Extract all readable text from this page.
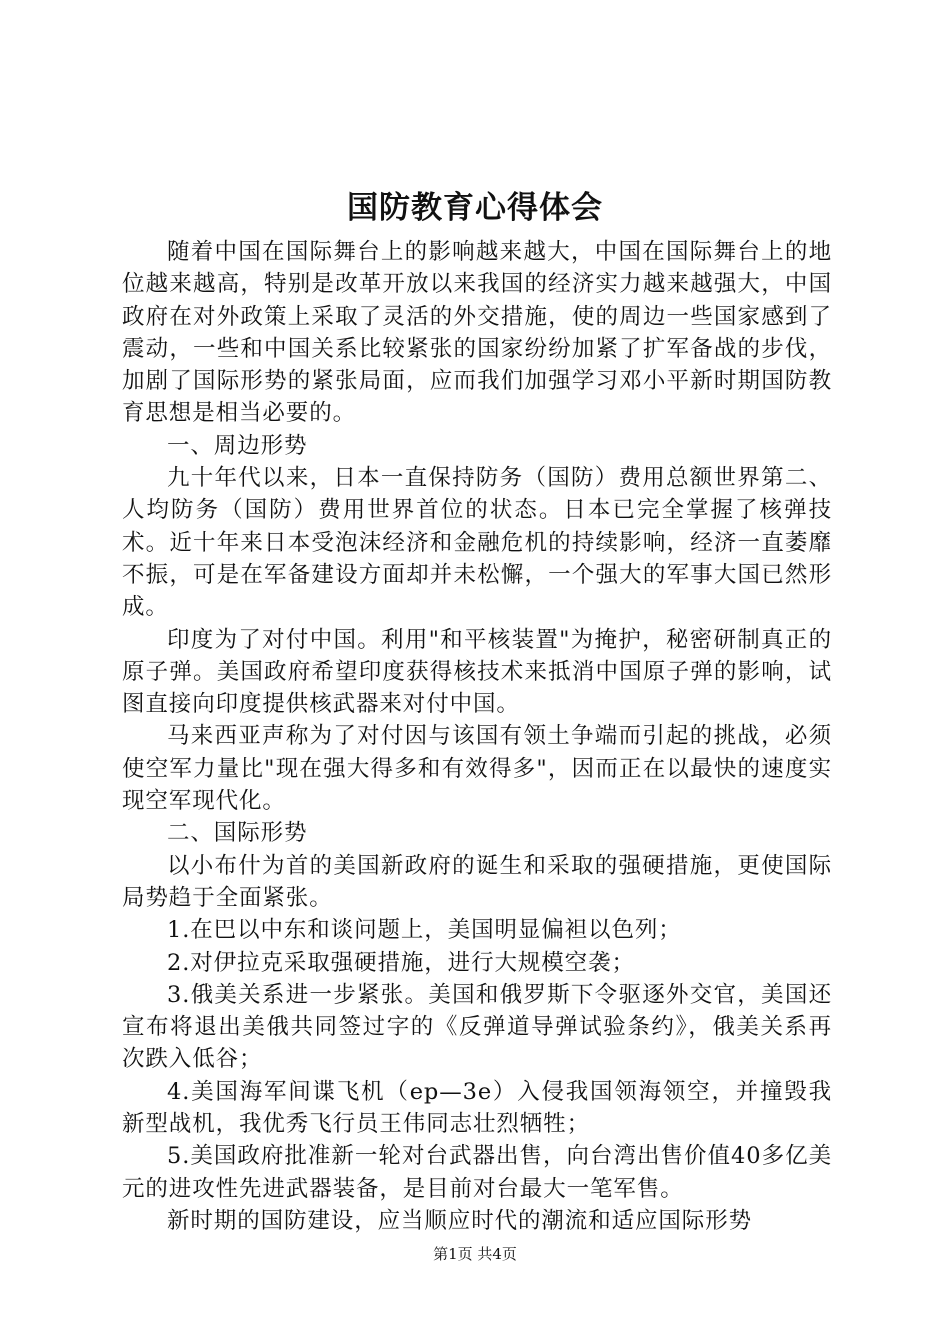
国防教育心得体会

随着中国在国际舞台上的影响越来越大，中国在国际舞台上的地位越来越高，特别是改革开放以来我国的经济实力越来越强大，中国政府在对外政策上采取了灵活的外交措施，使的周边一些国家感到了震动，一些和中国关系比较紧张的国家纷纷加紧了扩军备战的步伐，加剧了国际形势的紧张局面，应而我们加强学习邓小平新时期国防教育思想是相当必要的。

一、周边形势

九十年代以来，日本一直保持防务（国防）费用总额世界第二、人均防务（国防）费用世界首位的状态。日本已完全掌握了核弹技术。近十年来日本受泡沫经济和金融危机的持续影响，经济一直萎靡不振，可是在军备建设方面却并未松懈，一个强大的军事大国已然形成。

印度为了对付中国。利用"和平核装置"为掩护，秘密研制真正的原子弹。美国政府希望印度获得核技术来抵消中国原子弹的影响，试图直接向印度提供核武器来对付中国。

马来西亚声称为了对付因与该国有领土争端而引起的挑战，必须使空军力量比"现在强大得多和有效得多"，因而正在以最快的速度实现空军现代化。

二、国际形势

以小布什为首的美国新政府的诞生和采取的强硬措施，更使国际局势趋于全面紧张。

1.在巴以中东和谈问题上，美国明显偏袒以色列；

2.对伊拉克采取强硬措施，进行大规模空袭；

3.俄美关系进一步紧张。美国和俄罗斯下令驱逐外交官，美国还宣布将退出美俄共同签过字的《反弹道导弹试验条约》，俄美关系再次跌入低谷；

4.美国海军间谍飞机（ep—3e）入侵我国领海领空，并撞毁我新型战机，我优秀飞行员王伟同志壮烈牺牲；

5.美国政府批准新一轮对台武器出售，向台湾出售价值40多亿美元的进攻性先进武器装备，是目前对台最大一笔军售。

新时期的国防建设，应当顺应时代的潮流和适应国际形势

第1页 共4页
